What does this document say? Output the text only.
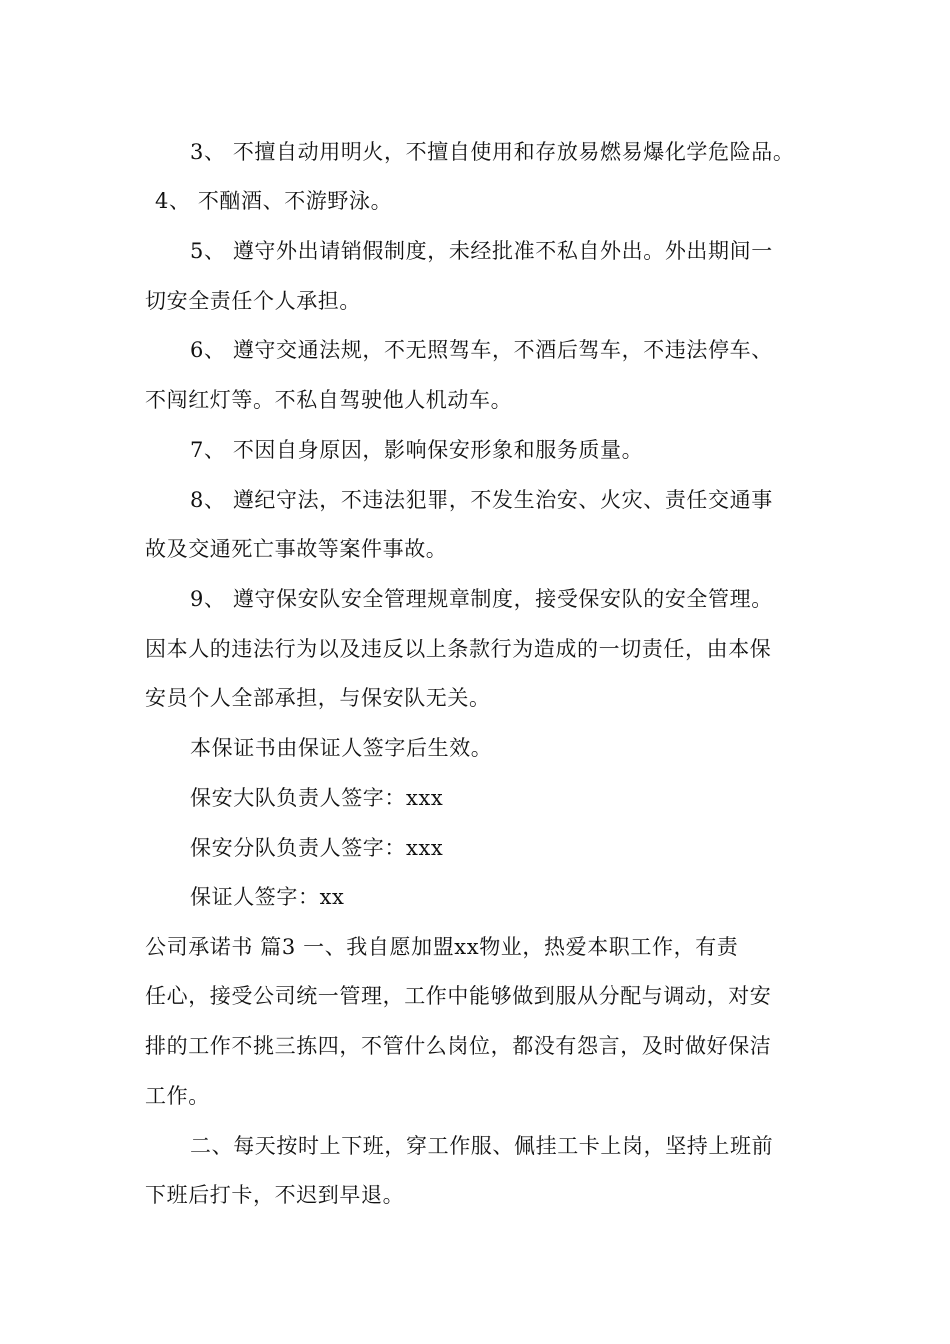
3、 不擅自动用明火，不擅自使用和存放易燃易爆化学危险品。
4、 不酗酒、不游野泳。
5、 遵守外出请销假制度，未经批准不私自外出。外出期间一
切安全责任个人承担。
6、 遵守交通法规，不无照驾车，不酒后驾车，不违法停车、
不闯红灯等。不私自驾驶他人机动车。
7、 不因自身原因，影响保安形象和服务质量。
8、 遵纪守法，不违法犯罪，不发生治安、火灾、责任交通事
故及交通死亡事故等案件事故。
9、 遵守保安队安全管理规章制度，接受保安队的安全管理。
因本人的违法行为以及违反以上条款行为造成的一切责任，由本保
安员个人全部承担，与保安队无关。
本保证书由保证人签字后生效。
保安大队负责人签字：xxx
保安分队负责人签字：xxx
保证人签字：xx
公司承诺书 篇3 一、我自愿加盟xx物业，热爱本职工作，有责
任心，接受公司统一管理，工作中能够做到服从分配与调动，对安
排的工作不挑三拣四，不管什么岗位，都没有怨言，及时做好保洁
工作。
二、每天按时上下班，穿工作服、佩挂工卡上岗，坚持上班前
下班后打卡，不迟到早退。
